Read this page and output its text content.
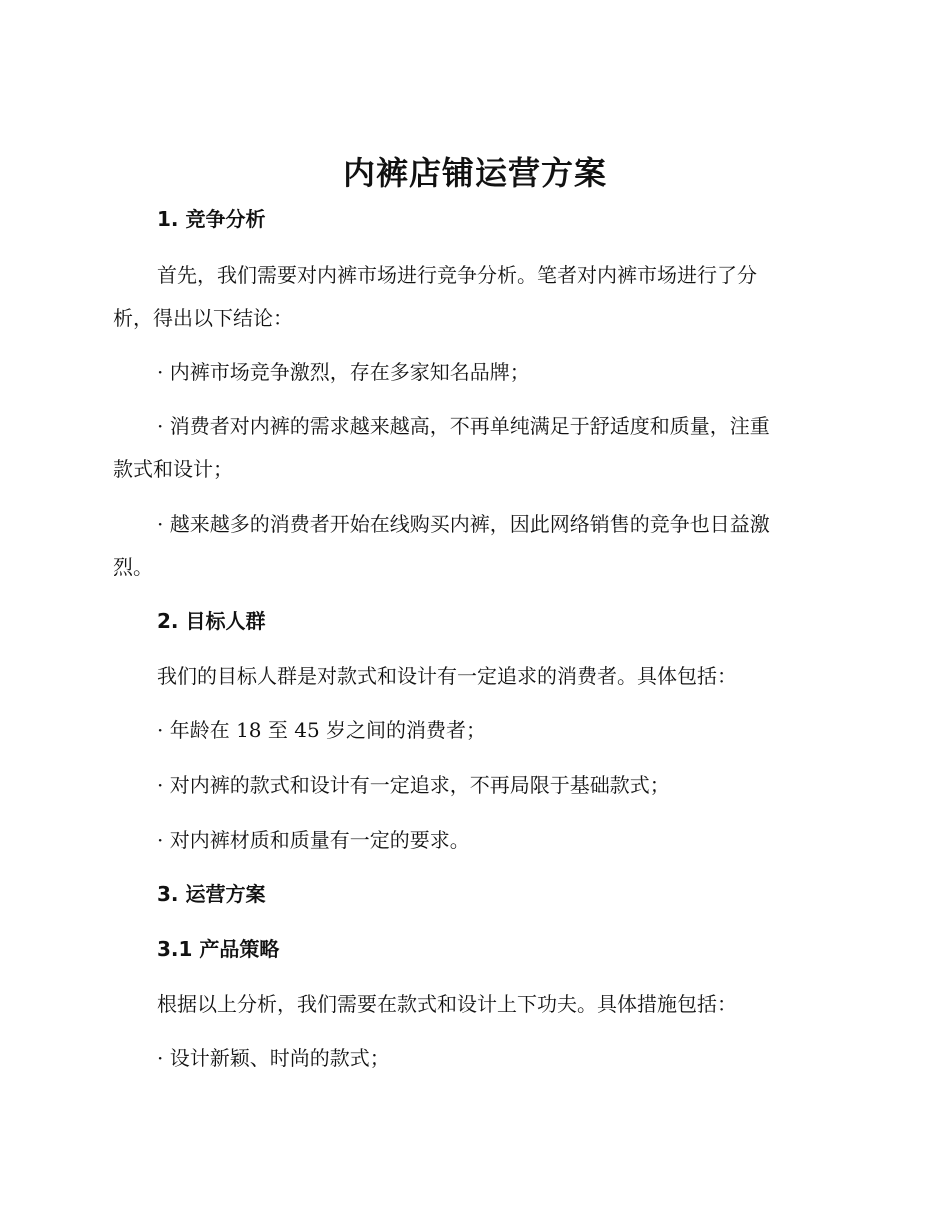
内裤店铺运营方案
1. 竞争分析
首先，我们需要对内裤市场进行竞争分析。笔者对内裤市场进行了分
析，得出以下结论：
· 内裤市场竞争激烈，存在多家知名品牌；
· 消费者对内裤的需求越来越高，不再单纯满足于舒适度和质量，注重
款式和设计；
· 越来越多的消费者开始在线购买内裤，因此网络销售的竞争也日益激
烈。
2. 目标人群
我们的目标人群是对款式和设计有一定追求的消费者。具体包括：
· 年龄在 18 至 45 岁之间的消费者；
· 对内裤的款式和设计有一定追求，不再局限于基础款式；
· 对内裤材质和质量有一定的要求。
3. 运营方案
3.1 产品策略
根据以上分析，我们需要在款式和设计上下功夫。具体措施包括：
· 设计新颖、时尚的款式；
